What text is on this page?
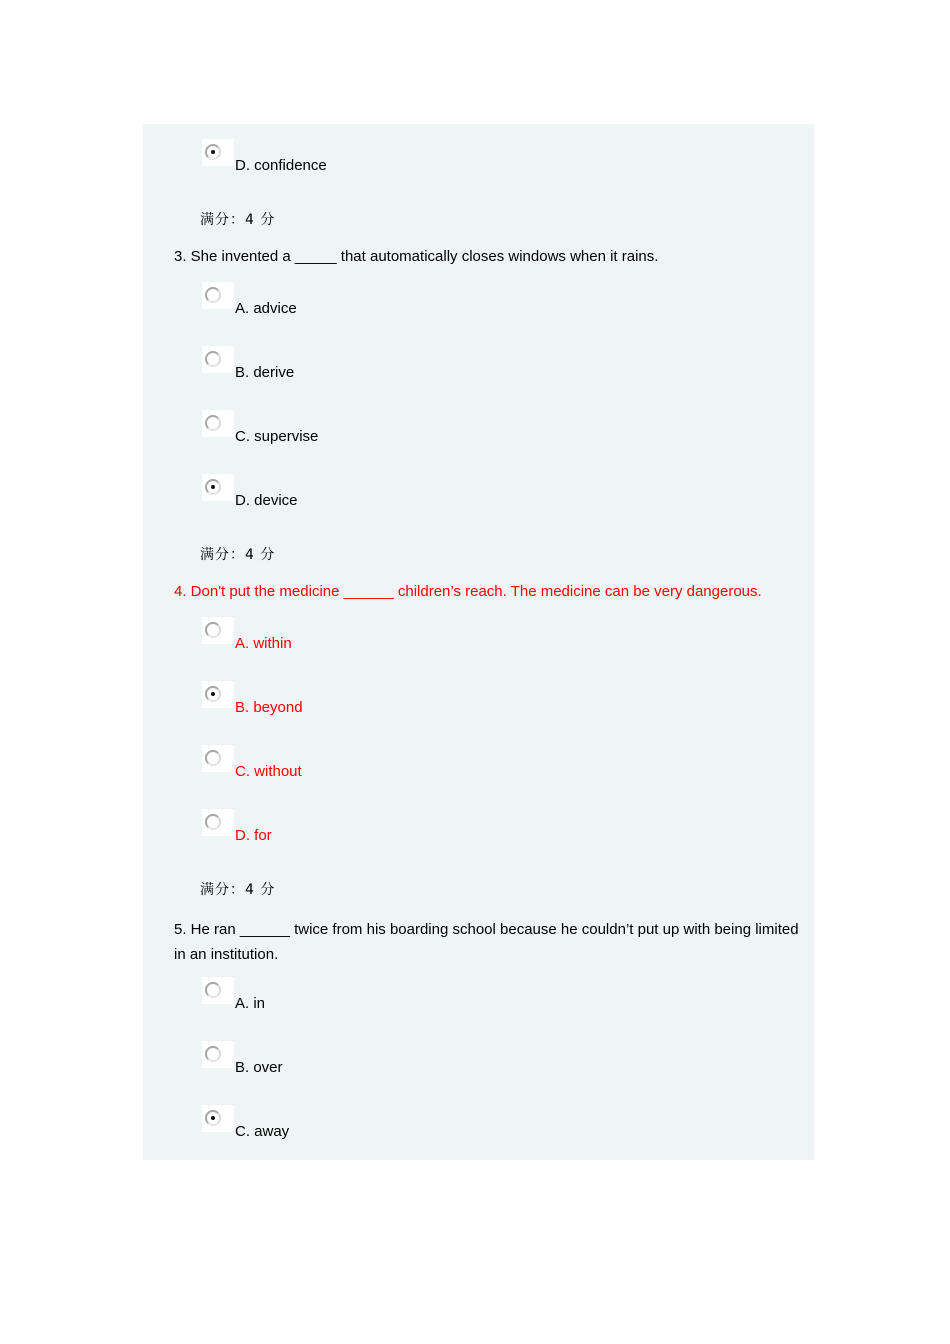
D. confidence
满分：4 分
3. She invented a _____ that automatically closes windows when it rains.
A. advice
B. derive
C. supervise
D. device
满分：4 分
4. Don't put the medicine ______ children’s reach. The medicine can be very dangerous.
A. within
B. beyond
C. without
D. for
满分：4 分
5. He ran ______ twice from his boarding school because he couldn’t put up with being limited in an institution.
A. in
B. over
C. away
